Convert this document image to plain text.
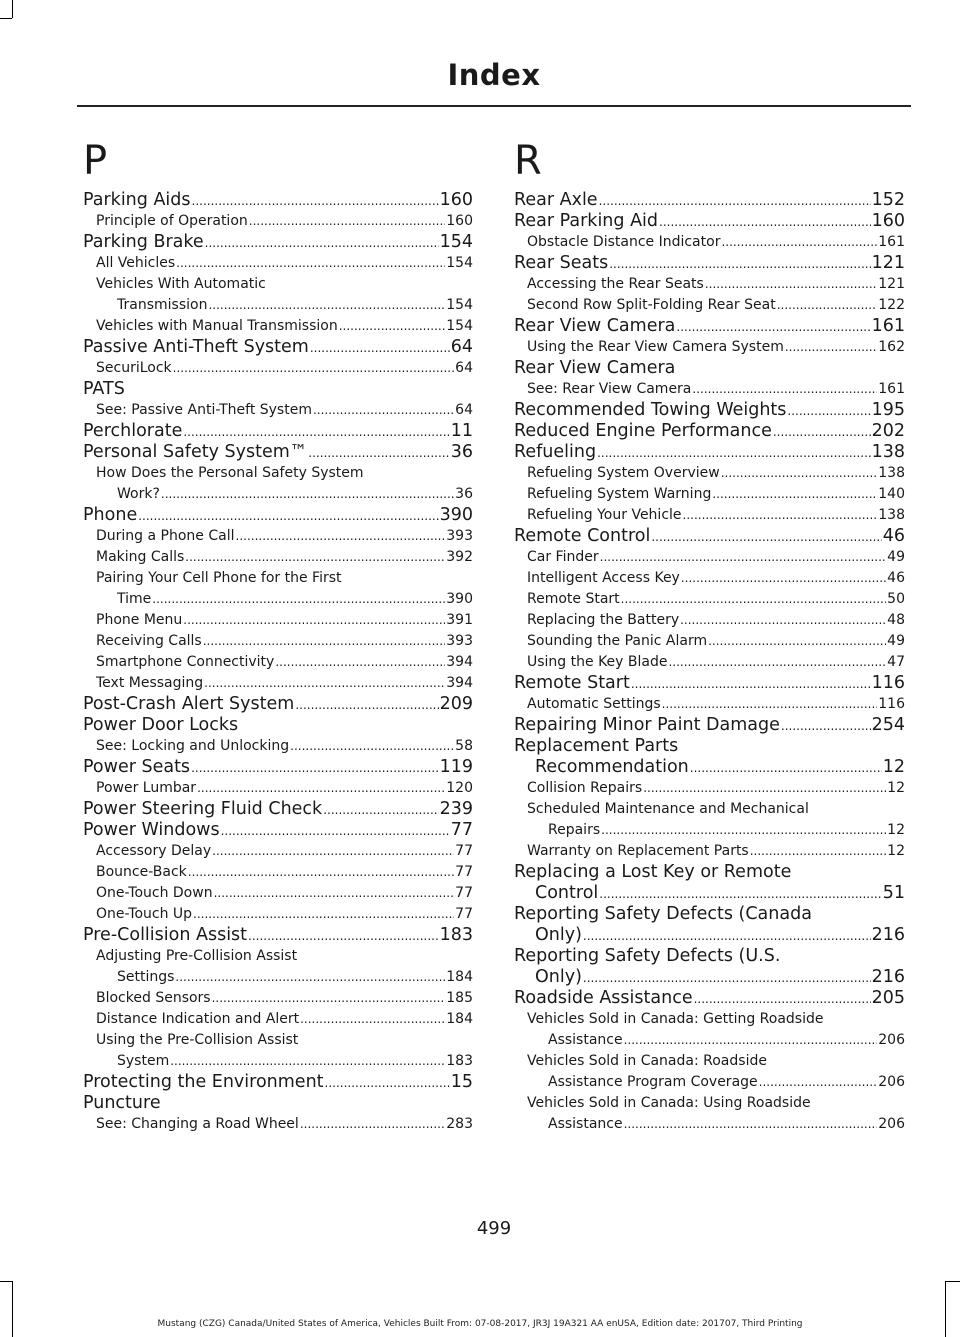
Index
P
Parking Aids .....	160
Principle of Operation .....	160
Parking Brake .....	154
All Vehicles .....	154
Vehicles With Automatic
Transmission .....	154
Vehicles with Manual Transmission .....	154
Passive Anti-Theft System .....	64
SecuriLock .....	64
PATS
See: Passive Anti-Theft System .....	64
Perchlorate .....	11
Personal Safety System™ .....	36
How Does the Personal Safety System
Work? .....	36
Phone .....	390
During a Phone Call .....	393
Making Calls .....	392
Pairing Your Cell Phone for the First
Time .....	390
Phone Menu .....	391
Receiving Calls .....	393
Smartphone Connectivity .....	394
Text Messaging .....	394
Post-Crash Alert System .....	209
Power Door Locks
See: Locking and Unlocking .....	58
Power Seats .....	119
Power Lumbar .....	120
Power Steering Fluid Check .....	239
Power Windows .....	77
Accessory Delay .....	77
Bounce-Back .....	77
One-Touch Down .....	77
One-Touch Up .....	77
Pre-Collision Assist .....	183
Adjusting Pre-Collision Assist
Settings .....	184
Blocked Sensors .....	185
Distance Indication and Alert .....	184
Using the Pre-Collision Assist
System .....	183
Protecting the Environment .....	15
Puncture
See: Changing a Road Wheel .....	283
R
Rear Axle .....	152
Rear Parking Aid .....	160
Obstacle Distance Indicator .....	161
Rear Seats .....	121
Accessing the Rear Seats .....	121
Second Row Split-Folding Rear Seat .....	122
Rear View Camera .....	161
Using the Rear View Camera System .....	162
Rear View Camera
See: Rear View Camera .....	161
Recommended Towing Weights .....	195
Reduced Engine Performance .....	202
Refueling .....	138
Refueling System Overview .....	138
Refueling System Warning .....	140
Refueling Your Vehicle .....	138
Remote Control .....	46
Car Finder .....	49
Intelligent Access Key .....	46
Remote Start .....	50
Replacing the Battery .....	48
Sounding the Panic Alarm .....	49
Using the Key Blade .....	47
Remote Start .....	116
Automatic Settings .....	116
Repairing Minor Paint Damage .....	254
Replacement Parts
Recommendation .....	12
Collision Repairs .....	12
Scheduled Maintenance and Mechanical
Repairs .....	12
Warranty on Replacement Parts .....	12
Replacing a Lost Key or Remote
Control .....	51
Reporting Safety Defects (Canada
Only) .....	216
Reporting Safety Defects (U.S.
Only) .....	216
Roadside Assistance .....	205
Vehicles Sold in Canada: Getting Roadside
Assistance .....	206
Vehicles Sold in Canada: Roadside
Assistance Program Coverage .....	206
Vehicles Sold in Canada: Using Roadside
Assistance .....	206
499
Mustang (CZG) Canada/United States of America, Vehicles Built From: 07-08-2017, JR3J 19A321 AA enUSA, Edition date: 201707, Third Printing
